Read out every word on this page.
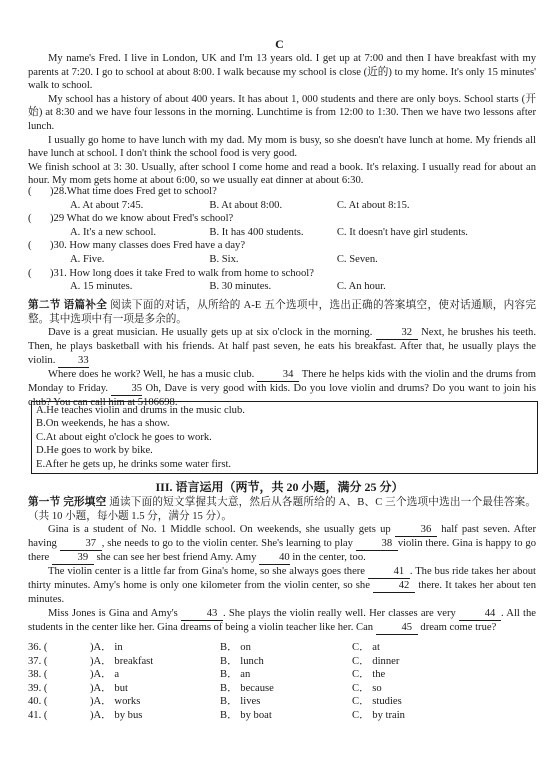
C

My name's Fred. I live in London, UK and I'm 13 years old. I get up at 7:00 and then I have breakfast with my parents at 7:20. I go to school at about 8:00. I walk because my school is close (近的) to my home. It's only 15 minutes' walk to school.

My school has a history of about 400 years. It has about 1, 000 students and there are only boys. School starts (开始) at 8:30 and we have four lessons in the morning. Lunchtime is from 12:00 to 1:30. Then we have two lessons after lunch.

I usually go home to have lunch with my dad. My mom is busy, so she doesn't have lunch at home. My friends all have lunch at school. I don't think the school food is very good.

We finish school at 3: 30. Usually, after school I come home and read a book. It's relaxing. I usually read for about an hour. My mom gets home at about 6:00, so we usually eat dinner at about 6:30.

( )28.What time does Fred get to school?

A. At about 7:45.	B. At about 8:00.	C. At about 8:15.

( )29 What do we know about Fred's school?

A. It's a new school.	B. It has 400 students.	C. It doesn't have girl students.

( )30. How many classes does Fred have a day?

A. Five.	B. Six.	C. Seven.

( )31. How long does it take Fred to walk from home to school?

A. 15 minutes.	B. 30 minutes.	C. An hour.

第二节 语篇补全 阅读下面的对话，从所给的 A-E 五个选项中，选出正确的答案填空，使对话通顺，内容完整。其中选项中有一项是多余的。

Dave is a great musician. He usually gets up at six o'clock in the morning.	32 Next, he brushes his teeth. Then, he plays basketball with his friends. At half past seven, he eats his breakfast. After that, he usually plays the violin. 33

Where does he work? Well, he has a music club.	34 There he helps kids with the violin and the drums from Monday to Friday. 35 Oh, Dave is very good with kids. Do you love violin and drums? Do you want to join his club? You can call him at 5106698.

A.He teaches violin and drums in the music club.
B.On weekends, he has a show.
C.At about eight o'clock he goes to work.
D.He goes to work by bike.
E.After he gets up, he drinks some water first.
III. 语言运用（两节，共 20 小题，满分 25 分）

第一节 完形填空 通读下面的短文掌握其大意，然后从各题所给的 A、B、C 三个选项中选出一个最佳答案。（共 10 小题，每小题 1.5 分，满分 15 分）。

Gina is a student of No. 1 Middle school. On weekends, she usually gets up	36 half past seven. After having	37 , she needs to go to the violin center. She's learning to play	38 violin there. Gina is happy to go there	39 she can see her best friend Amy. Amy 40 in the center, too.

The violin center is a little far from Gina's home, so she always goes there	41 . The bus ride takes her about thirty minutes. Amy's home is only one kilometer from the violin center, so she	42 there. It takes her about ten minutes.

Miss Jones is Gina and Amy's	43 . She plays the violin really well. Her classes are very	44 . All the students in the center like her. Gina dreams of being a violin teacher like her. Can	45 dream come true?

36. (	)A． in	B． on	C． at
37. (	)A． breakfast	B． lunch	C． dinner
38. (	)A． a	B． an	C． the
39. (	)A． but	B． because	C． so
40. (	)A． works	B． lives	C． studies
41. (	)A． by bus	B． by boat	C． by train
